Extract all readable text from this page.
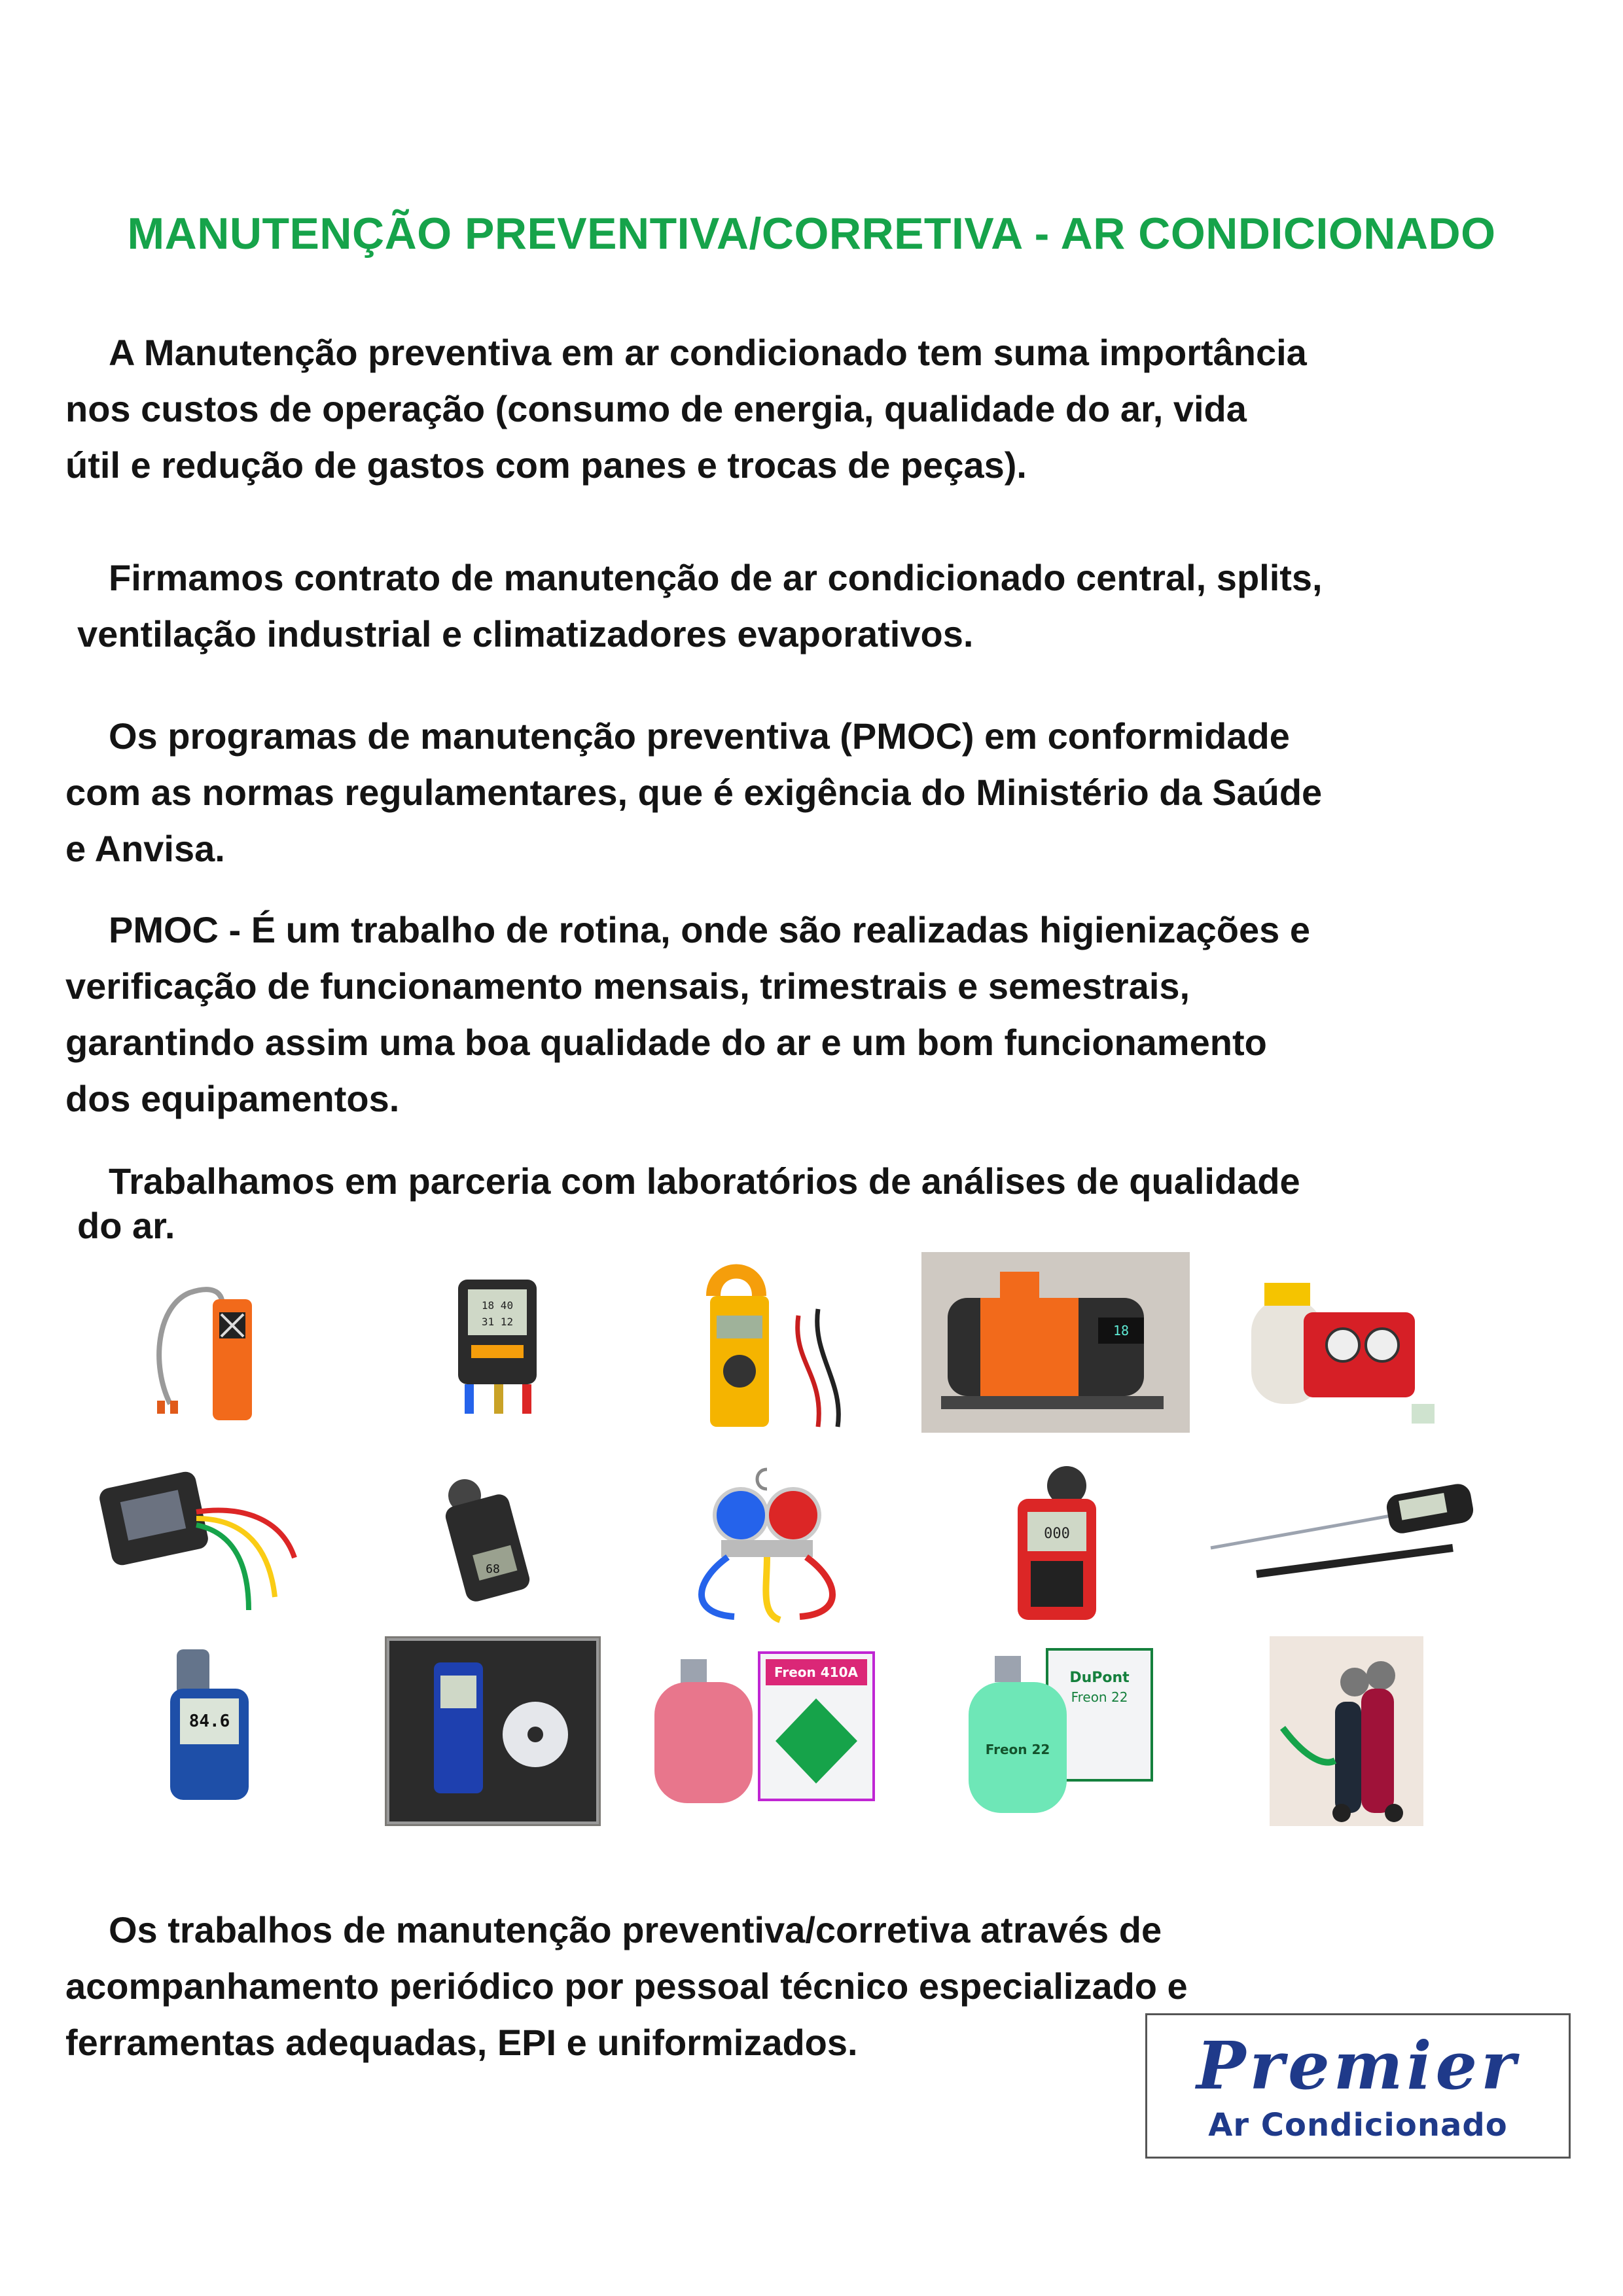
MANUTENÇÃO PREVENTIVA/CORRETIVA - AR CONDICIONADO
A Manutenção preventiva em ar condicionado tem suma importância
nos custos de operação (consumo de energia, qualidade do ar, vida
útil e redução de gastos com panes e trocas de peças).
Firmamos contrato de manutenção de ar condicionado central, splits,
ventilação industrial e climatizadores evaporativos.
Os programas de manutenção preventiva (PMOC) em conformidade
com as normas regulamentares, que é exigência do Ministério da Saúde
e Anvisa.
PMOC - É um trabalho de rotina, onde são realizadas higienizações e
verificação de funcionamento mensais, trimestrais e semestrais,
garantindo assim uma boa qualidade do ar e um bom funcionamento
dos equipamentos.
Trabalhamos em parceria com laboratórios de análises de qualidade
do ar.
18 40
31 12
18
68
000
84.6
Freon 410A	DuPont
Freon 22
Freon 22
Os trabalhos de manutenção preventiva/corretiva através de
acompanhamento periódico por pessoal técnico especializado e
ferramentas adequadas, EPI e uniformizados.	Premier
Ar Condicionado
